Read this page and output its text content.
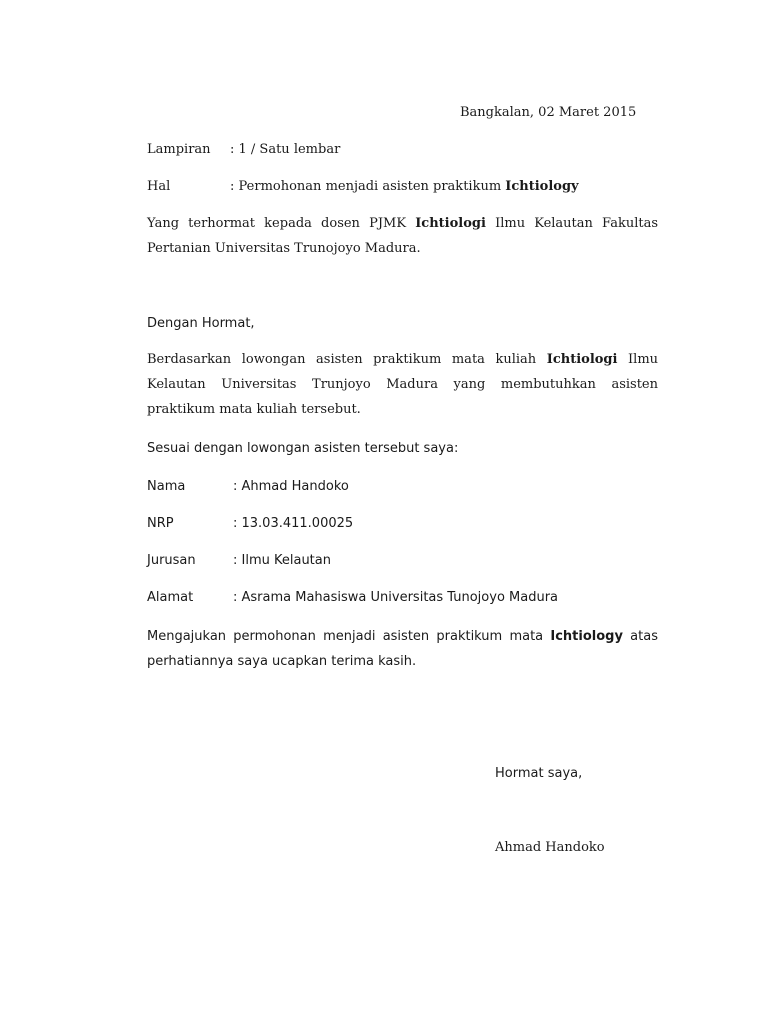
Bangkalan, 02 Maret 2015
Lampiran : 1 / Satu lembar
Hal	: Permohonan menjadi asisten praktikum Ichtiology
Yang terhormat kepada dosen PJMK Ichtiologi Ilmu Kelautan Fakultas Pertanian Universitas Trunojoyo Madura.
Dengan Hormat,
Berdasarkan lowongan asisten praktikum mata kuliah Ichtiologi Ilmu Kelautan Universitas Trunjoyo Madura yang membutuhkan asisten praktikum mata kuliah tersebut.
Sesuai dengan lowongan asisten tersebut saya:
Nama	: Ahmad Handoko
NRP	: 13.03.411.00025
Jurusan	: Ilmu Kelautan
Alamat	: Asrama Mahasiswa Universitas Tunojoyo Madura
Mengajukan permohonan menjadi asisten praktikum mata Ichtiology atas perhatiannya saya ucapkan terima kasih.
Hormat saya,
Ahmad Handoko
